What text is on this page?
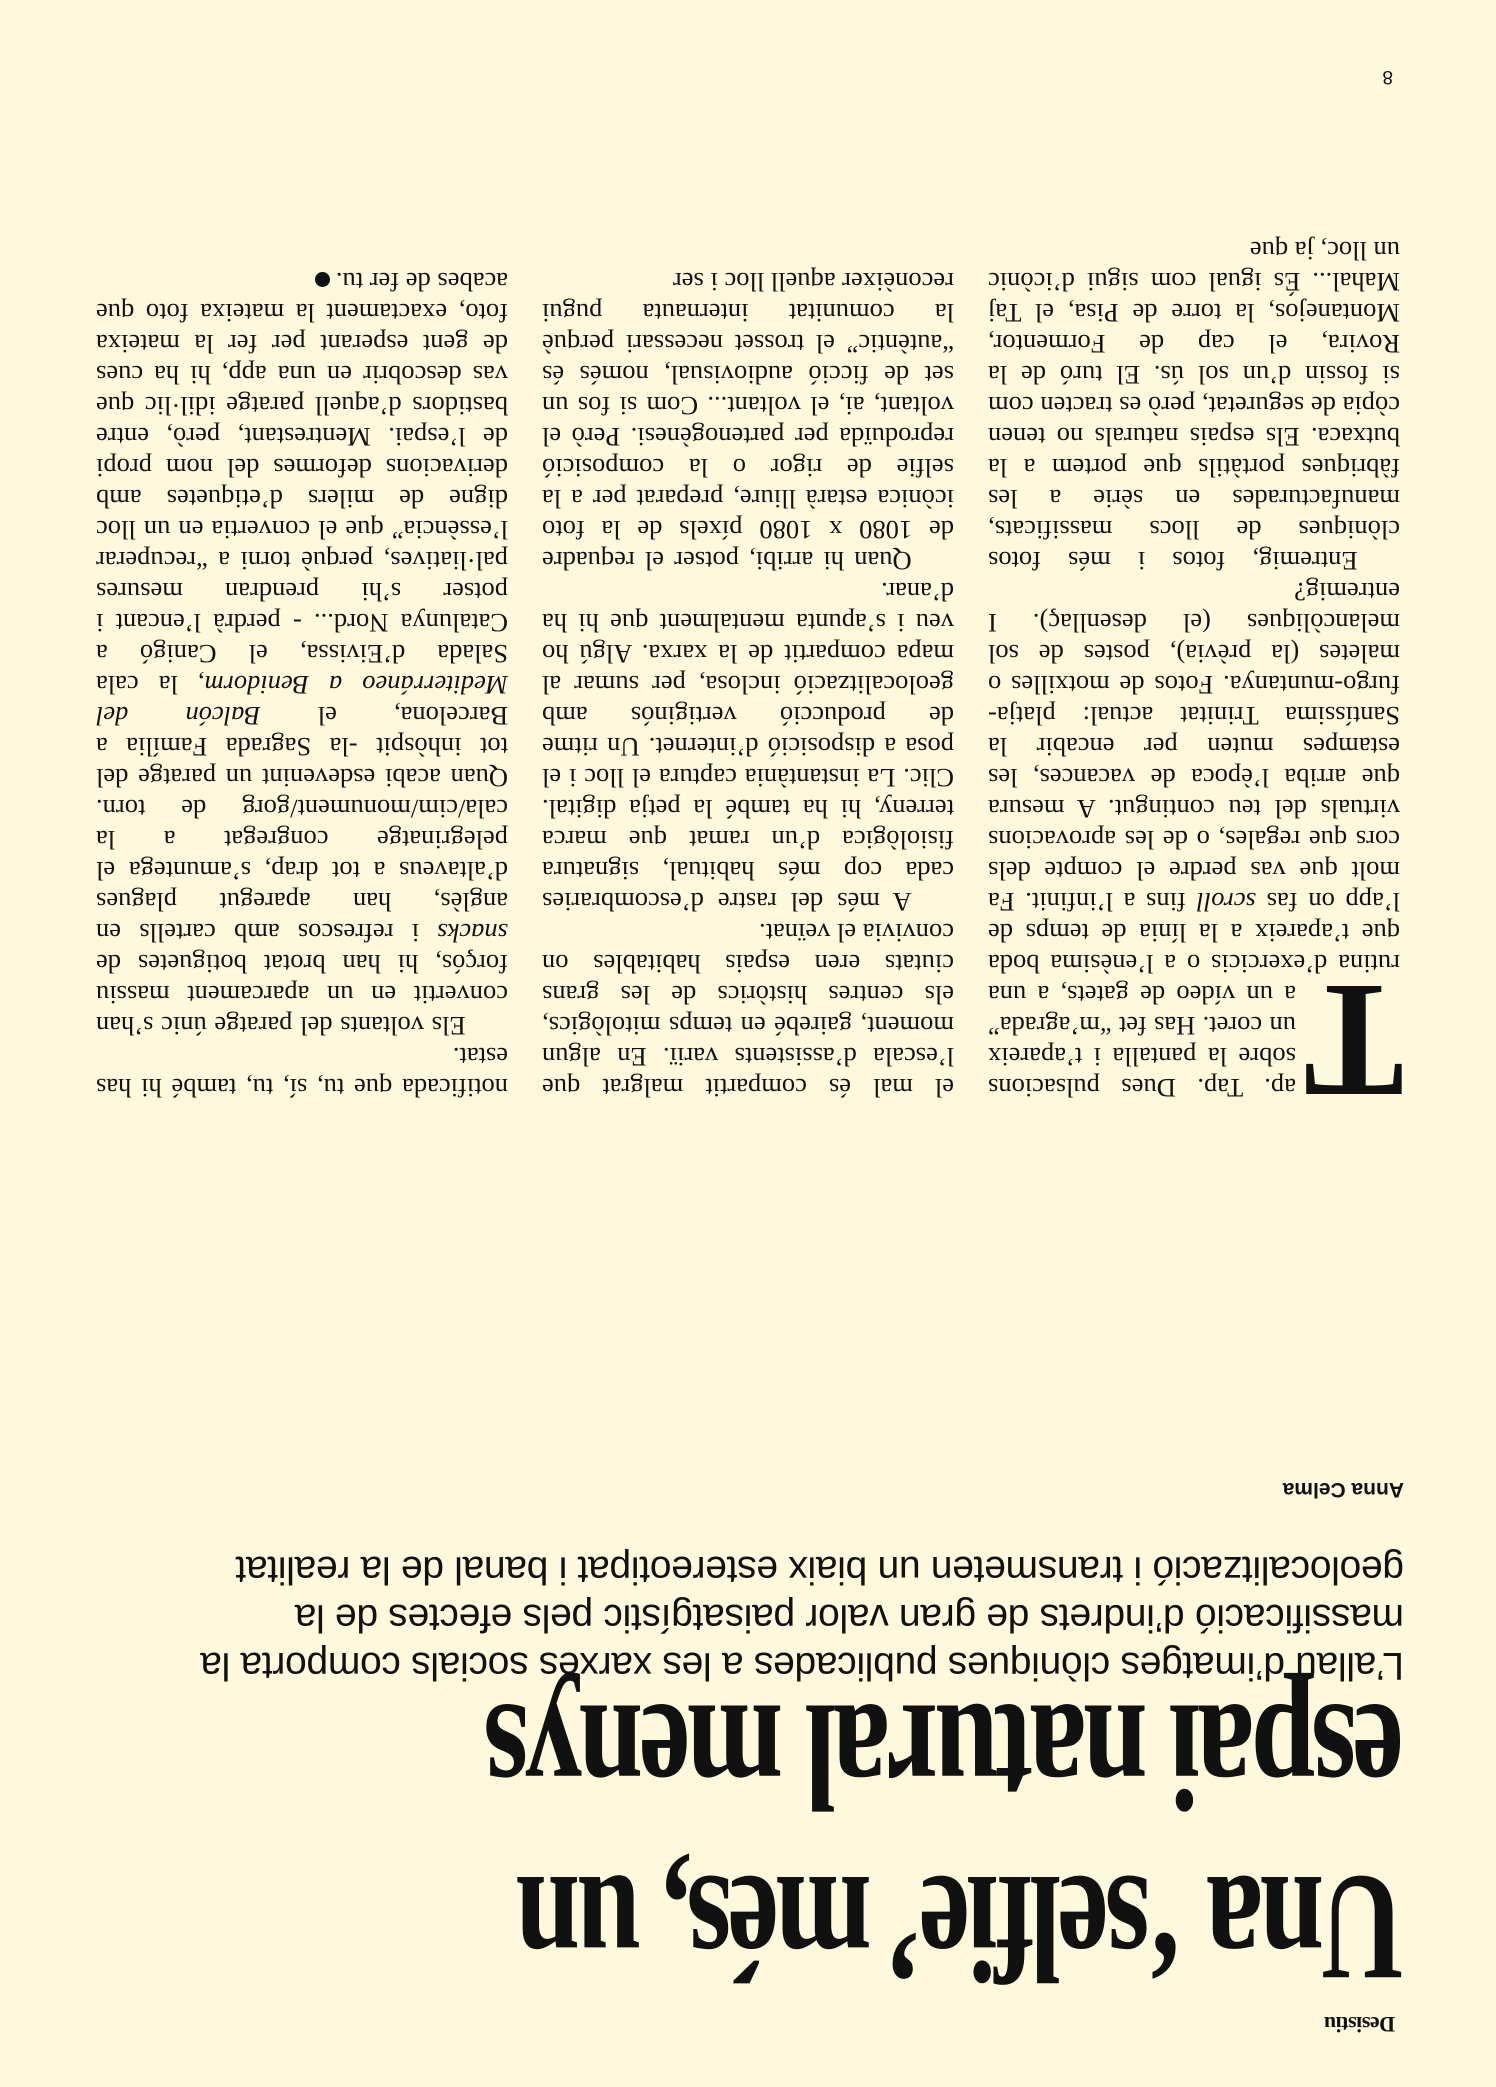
Desistiu
Una ‘selfie’ més, un
espai natural menys
L’allau d’imatges clòniques publicades a les xarxes socials comporta la massificació d’indrets de gran valor paisatgístic pels efectes de la geolocalització i transmeten un biaix estereotipat i banal de la realitat
Anna Celma

T
ap. Tap. Dues pulsacions sobre la pantalla i t’apareix un coret. Has fet “m’agrada” a un vídeo de gatets, a una rutina d’exercicis o a l’enèsima boda que t’apareix a la línia de temps de l’app on fas scroll fins a l’infinit. Fa molt que vas perdre el compte dels cors que regales, o de les aprovacions virtuals del teu contingut. A mesura que arriba l’època de vacances, les estampes muten per encabir la Santíssima Trinitat actual: platja-furgo-muntanya. Fotos de motxilles o maletes (la prèvia), postes de sol melancòliques (el desenllaç). I entremig?

Entremig, fotos i més fotos clòniques de llocs massificats, manufacturades en sèrie a les fàbriques portàtils que portem a la butxaca. Els espais naturals no tenen còpia de seguretat, però es tracten com si fossin d’un sol ús. El turó de la Rovira, el cap de Formentor, Montanejos, la torre de Pisa, el Taj Mahal... És igual com sigui d’icònic un lloc, ja que

el mal és compartit malgrat que l’escala d’assistents variï. En algun moment, gairebé en temps mitològics, els centres històrics de les grans ciutats eren espais habitables on convivia el veïnat.

A més del rastre d’escombraries cada cop més habitual, signatura fisiològica d’un ramat que marca terreny, hi ha també la petja digital. Clic. La instantània captura el lloc i el posa a disposició d’internet. Un ritme de producció vertiginós amb geolocalització inclosa, per sumar al mapa compartit de la xarxa. Algú ho veu i s’apunta mentalment que hi ha d’anar.

Quan hi arribi, potser el requadre de 1080 x 1080 píxels de la foto icònica estarà lliure, preparat per a la selfie de rigor o la composició reproduïda per partenogènesi. Però el voltant, ai, el voltant... Com si fos un set de ficció audiovisual, només és “autèntic” el trosset necessari perquè la comunitat internauta pugui reconèixer aquell lloc i ser

notificada que tu, sí, tu, també hi has estat.

Els voltants del paratge únic s’han convertit en un aparcament massiu forçós, hi han brotat botiguetes de snacks i refrescos amb cartells en anglès, han aparegut plagues d’altaveus a tot drap, s’amuntega el pelegrinatge congregat a la cala/cim/monument/gorg de torn. Quan acabi esdevenint un paratge del tot inhòspit -la Sagrada Família a Barcelona, el Balcón del Mediterráneo a Benidorm, la cala Salada d’Eivissa, el Canigó a Catalunya Nord... - perdrà l’encant i potser s’hi prendran mesures pal·liatives, perquè torni a “recuperar l’essència” que el convertia en un lloc digne de milers d’etiquetes amb derivacions deformes del nom propi de l’espai. Mentrestant, però, entre bastidors d’aquell paratge idil·lic que vas descobrir en una app, hi ha cues de gent esperant per fer la mateixa foto, exactament la mateixa foto que acabes de fer tu.

8
